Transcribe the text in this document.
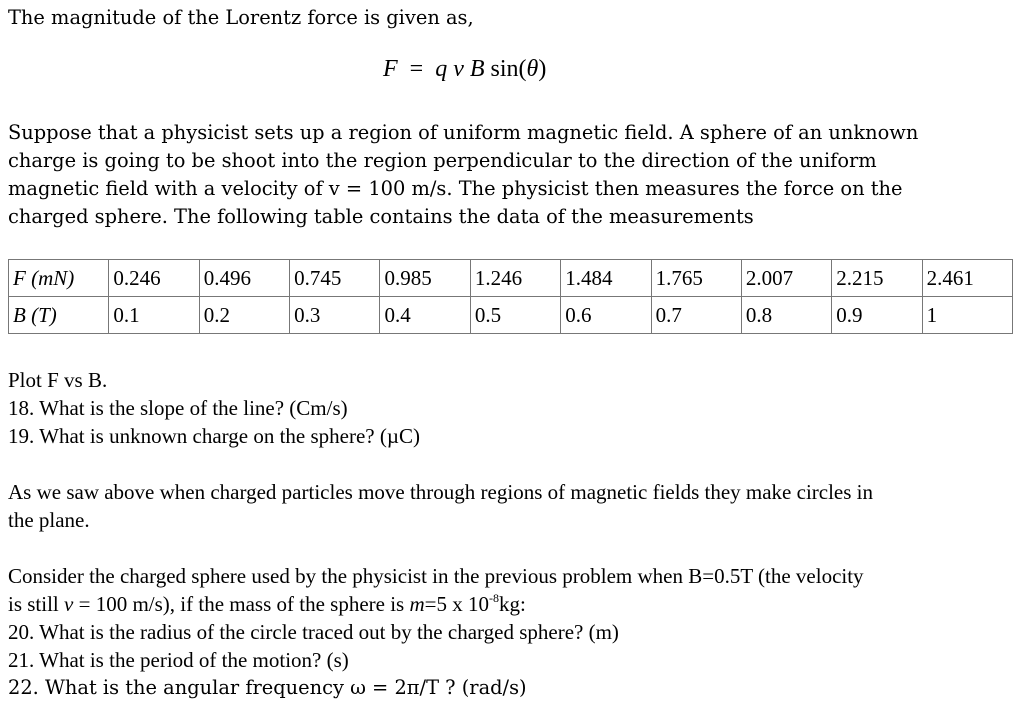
The magnitude of the Lorentz force is given as,
F = q v B sin(θ)
Suppose that a physicist sets up a region of uniform magnetic field. A sphere of an unknown
charge is going to be shoot into the region perpendicular to the direction of the uniform
magnetic field with a velocity of v = 100 m/s. The physicist then measures the force on the
charged sphere. The following table contains the data of the measurements
F (mN)	0.246	0.496	0.745	0.985	1.246	1.484	1.765	2.007	2.215	2.461
B (T)	0.1	0.2	0.3	0.4	0.5	0.6	0.7	0.8	0.9	1
Plot F vs B.
18. What is the slope of the line? (Cm/s)
19. What is unknown charge on the sphere? (µC)
As we saw above when charged particles move through regions of magnetic fields they make circles in
the plane.
Consider the charged sphere used by the physicist in the previous problem when B=0.5T (the velocity
is still v = 100 m/s), if the mass of the sphere is m=5 x $10^{-8}kg$:
20. What is the radius of the circle traced out by the charged sphere? (m)
21. What is the period of the motion? (s)
22. What is the angular frequency ω = 2π/T ? (rad/s)
